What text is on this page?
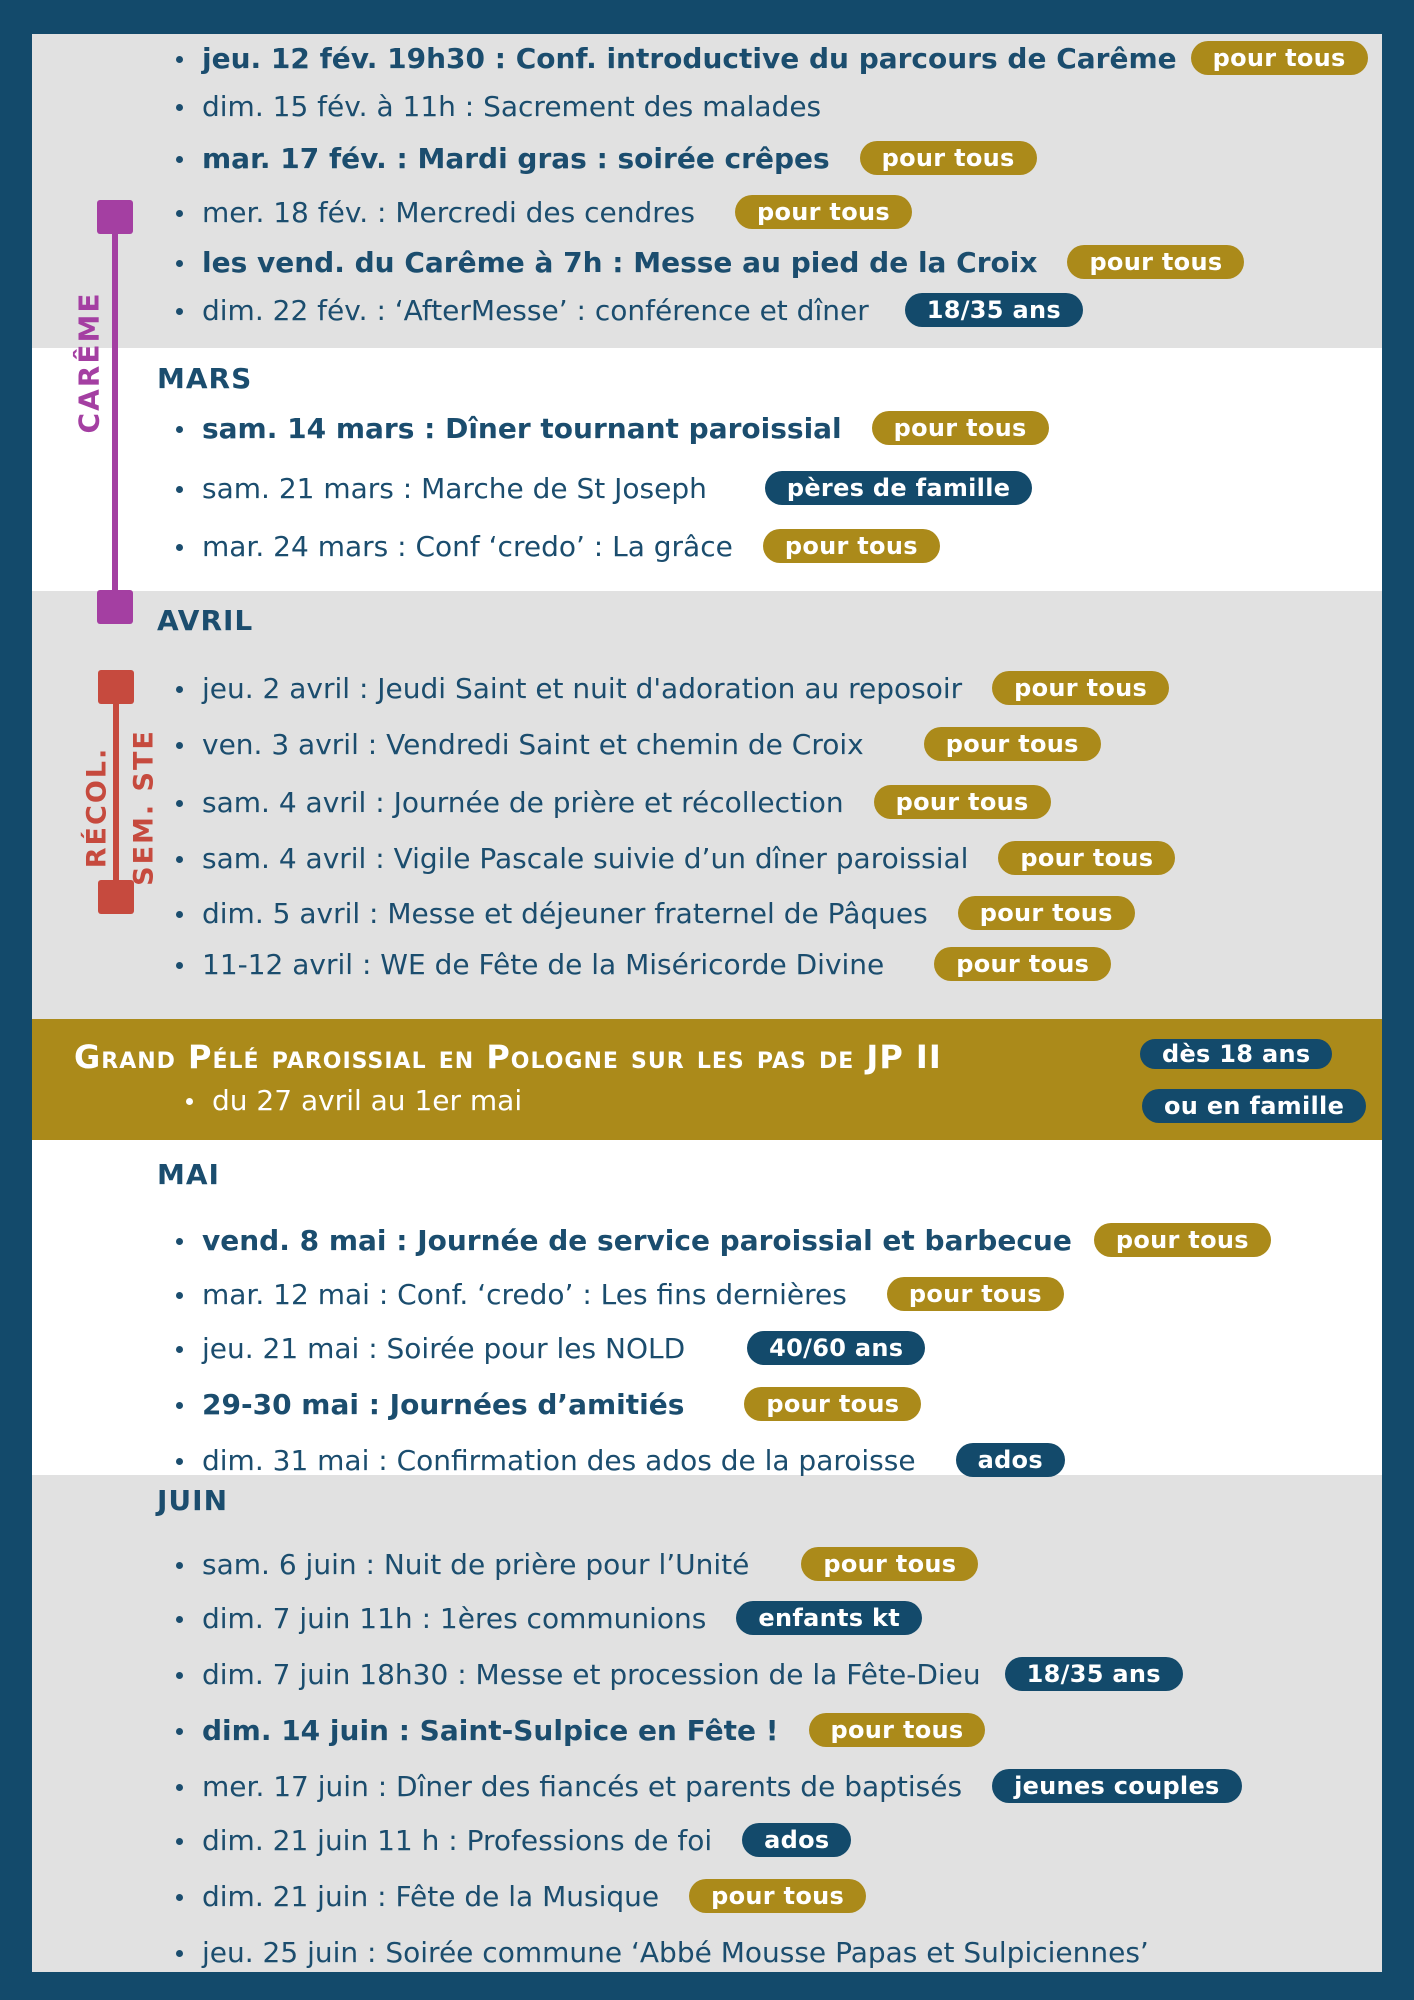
CARÊME
RÉCOL. SEM. STE
jeu. 12 fév. 19h30 : Conf. introductive du parcours de Carême	pour tous
dim. 15 fév. à 11h : Sacrement des malades
mar. 17 fév. : Mardi gras : soirée crêpes	pour tous
mer. 18 fév. : Mercredi des cendres	pour tous
les vend. du Carême à 7h : Messe au pied de la Croix	pour tous
dim. 22 fév. : ‘AfterMesse’ : conférence et dîner	18/35 ans
mars
sam. 14 mars : Dîner tournant paroissial	pour tous
sam. 21 mars : Marche de St Joseph	pères de famille
mar. 24 mars : Conf ‘credo’ : La grâce	pour tous
avril
jeu. 2 avril : Jeudi Saint et nuit d'adoration au reposoir	pour tous
ven. 3 avril : Vendredi Saint et chemin de Croix	pour tous
sam. 4 avril : Journée de prière et récollection	pour tous
sam. 4 avril : Vigile Pascale suivie d’un dîner paroissial	pour tous
dim. 5 avril : Messe et déjeuner fraternel de Pâques	pour tous
11-12 avril : WE de Fête de la Miséricorde Divine	pour tous
Grand Pélé paroissial en Pologne sur les pas de JP II
du 27 avril au 1er mai
dès 18 ans
ou en famille
mai
vend. 8 mai : Journée de service paroissial et barbecue	pour tous
mar. 12 mai : Conf. ‘credo’ : Les fins dernières	pour tous
jeu. 21 mai : Soirée pour les NOLD	40/60 ans
29-30 mai : Journées d’amitiés	pour tous
dim. 31 mai : Confirmation des ados de la paroisse	ados
juin
sam. 6 juin : Nuit de prière pour l’Unité	pour tous
dim. 7 juin 11h : 1ères communions	enfants kt
dim. 7 juin 18h30 : Messe et procession de la Fête-Dieu	18/35 ans
dim. 14 juin : Saint-Sulpice en Fête !	pour tous
mer. 17 juin : Dîner des fiancés et parents de baptisés	jeunes couples
dim. 21 juin 11 h : Professions de foi	ados
dim. 21 juin : Fête de la Musique	pour tous
jeu. 25 juin : Soirée commune ‘Abbé Mousse Papas et Sulpiciennes’
